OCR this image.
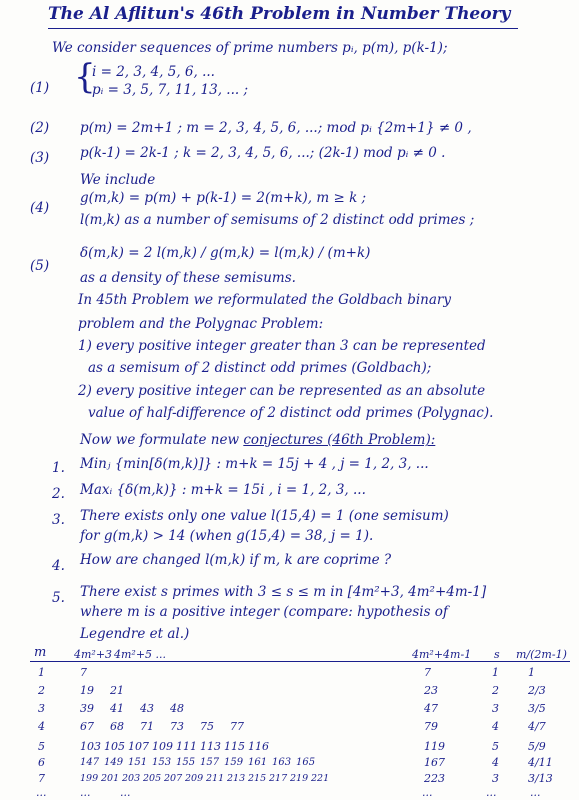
The Al Aflitun's 46th Problem in Number Theory
We consider sequences of prime numbers pᵢ, p(m), p(k-1);
(1) {
i = 2, 3, 4, 5, 6, ...
pᵢ = 3, 5, 7, 11, 13, ... ;
(2) p(m) = 2m+1 ; m = 2, 3, 4, 5, 6, ...; mod pᵢ {2m+1} ≠ 0 ,
(3) p(k-1) = 2k-1 ; k = 2, 3, 4, 5, 6, ...; (2k-1) mod pᵢ ≠ 0 .
We include
(4)
g(m,k) = p(m) + p(k-1) = 2(m+k), m ≥ k ;
l(m,k) as a number of semisums of 2 distinct odd primes ;
(5)
δ(m,k) = 2 l(m,k) / g(m,k) = l(m,k) / (m+k)
as a density of these semisums.
In 45th Problem we reformulated the Goldbach binary
problem and the Polygnac Problem:
1) every positive integer greater than 3 can be represented
as a semisum of 2 distinct odd primes (Goldbach);
2) every positive integer can be represented as an absolute
value of half-difference of 2 distinct odd primes (Polygnac).
Now we formulate new conjectures (46th Problem):
1. Minⱼ {min[δ(m,k)]} : m+k = 15j + 4 , j = 1, 2, 3, ...
2. Maxᵢ {δ(m,k)} : m+k = 15i , i = 1, 2, 3, ...
3. There exists only one value l(15,4) = 1 (one semisum)
for g(m,k) > 14 (when g(15,4) = 38, j = 1).
4. How are changed l(m,k) if m, k are coprime ?
5. There exist s primes with 3 ≤ s ≤ m in [4m²+3, 4m²+4m-1]
where m is a positive integer (compare: hypothesis of
Legendre et al.)
m	4m²+3 4m²+5 ...	4m²+4m-1 s m/(2m-1)
1	7	7	1	1
2	19 21	23	2	2/3
3	39 41 43 48	47	3	3/5
4	67 68 71 73 75 77	79	4	4/7
5	103 105 107 109 111 113 115 116	119	5	5/9
6	147 149 151 153 155 157 159 161 163 165	167	4	4/11
7	199 201 203 205 207 209 211 213 215 217 219 221	223	3	3/13
...	...	...	...	...	...
